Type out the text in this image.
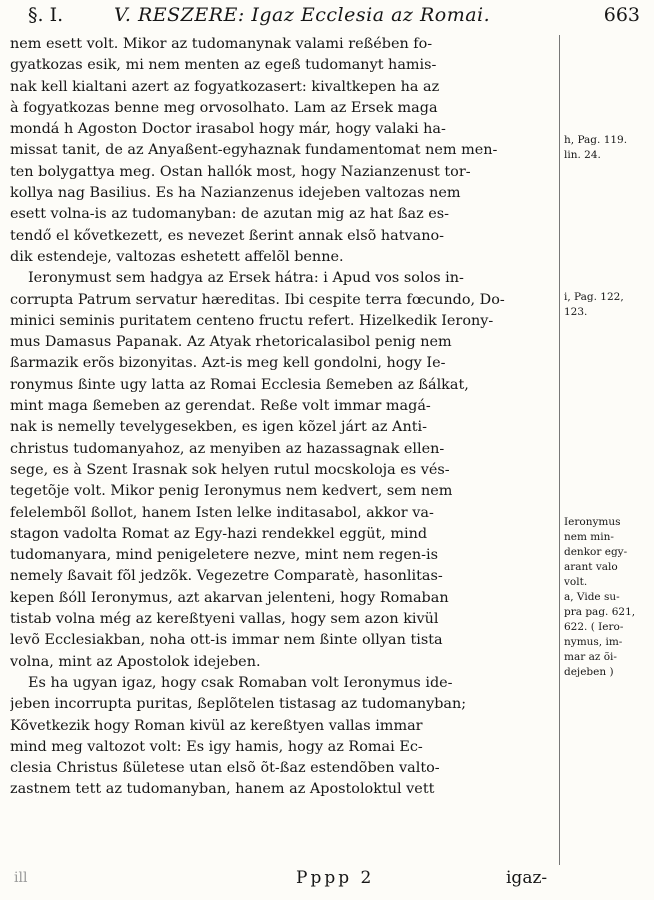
§. I.	V. RESZERE: Igaz Ecclesia az Romai.	663
nem esett volt. Mikor az tudomanynak valami reßében fo-
gyatkozas esik, mi nem menten az egeß tudomanyt hamis-
nak kell kialtani azert az fogyatkozasert: kivaltkepen ha az
à fogyatkozas benne meg orvosolhato. Lam az Ersek maga
mondá h Agoston Doctor irasabol hogy már, hogy valaki ha-
missat tanit, de az Anyaßent-egyhaznak fundamentomat nem men-
ten bolygattya meg. Ostan hallók most, hogy Nazianzenust tor-
kollya nag Basilius. Es ha Nazianzenus idejeben valtozas nem
esett volna-is az tudomanyban: de azutan mig az hat ßaz es-
tendő el kővetkezett, es nevezet ßerint annak elsõ hatvano-
dik estendeje, valtozas eshetett affelõl benne.
Ieronymust sem hadgya az Ersek hátra: i Apud vos solos in-
corrupta Patrum servatur hæreditas. Ibi cespite terra fœcundo, Do-
minici seminis puritatem centeno fructu refert. Hizelkedik Ierony-
mus Damasus Papanak. Az Atyak rhetoricalasibol penig nem
ßarmazik erõs bizonyitas. Azt-is meg kell gondolni, hogy Ie-
ronymus ßinte ugy latta az Romai Ecclesia ßemeben az ßálkat,
mint maga ßemeben az gerendat. Reße volt immar magá-
nak is nemelly tevelygesekben, es igen kõzel járt az Anti-
christus tudomanyahoz, az menyiben az hazassagnak ellen-
sege, es à Szent Irasnak sok helyen rutul mocskoloja es vés-
tegetõje volt. Mikor penig Ieronymus nem kedvert, sem nem
felelembõl ßollot, hanem Isten lelke inditasabol, akkor va-
stagon vadolta Romat az Egy-hazi rendekkel eggüt, mind
tudomanyara, mind penigeletere nezve, mint nem regen-is
nemely ßavait fõl jedzõk. Vegezetre Comparatè, hasonlitas-
kepen ßóll Ieronymus, azt akarvan jelenteni, hogy Romaban
tistab volna még az kereßtyeni vallas, hogy sem azon kivül
levõ Ecclesiakban, noha ott-is immar nem ßinte ollyan tista
volna, mint az Apostolok idejeben.
Es ha ugyan igaz, hogy csak Romaban volt Ieronymus ide-
jeben incorrupta puritas, ßeplõtelen tistasag az tudomanyban;
Kõvetkezik hogy Roman kivül az kereßtyen vallas immar
mind meg valtozot volt: Es igy hamis, hogy az Romai Ec-
clesia Christus ßületese utan elsõ õt-ßaz estendõben valto-
zastnem tett az tudomanyban, hanem az Apostoloktul vett
h, Pag. 119.
lin. 24.
i, Pag. 122,
123.
Ieronymus
nem min-
denkor egy-
arant valo
volt.
a, Vide su-
pra pag. 621,
622. ( Iero-
nymus, im-
mar az õi-
dejeben )
ill	Pppp 2	igaz-
